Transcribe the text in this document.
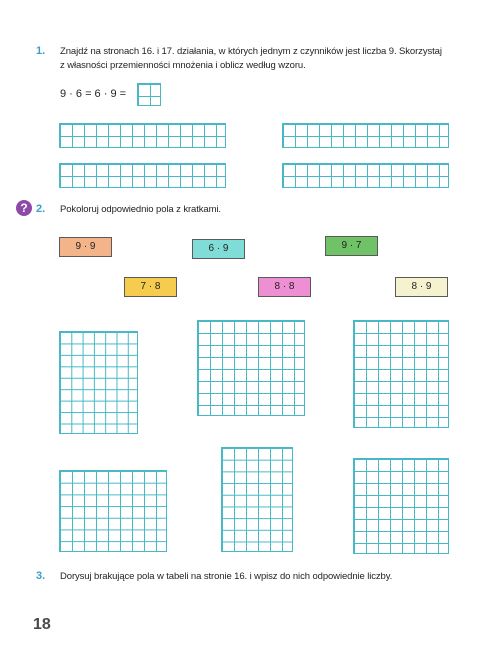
1. Znajdź na stronach 16. i 17. działania, w których jednym z czynników jest liczba 9. Skorzystaj
z własności przemienności mnożenia i oblicz według wzoru.
9 · 6 = 6 · 9 =
? 2. Pokoloruj odpowiednio pola z kratkami.
9 · 9	6 · 9	9 · 7
7 · 8	8 · 8	8 · 9
3. Dorysuj brakujące pola w tabeli na stronie 16. i wpisz do nich odpowiednie liczby.
18
